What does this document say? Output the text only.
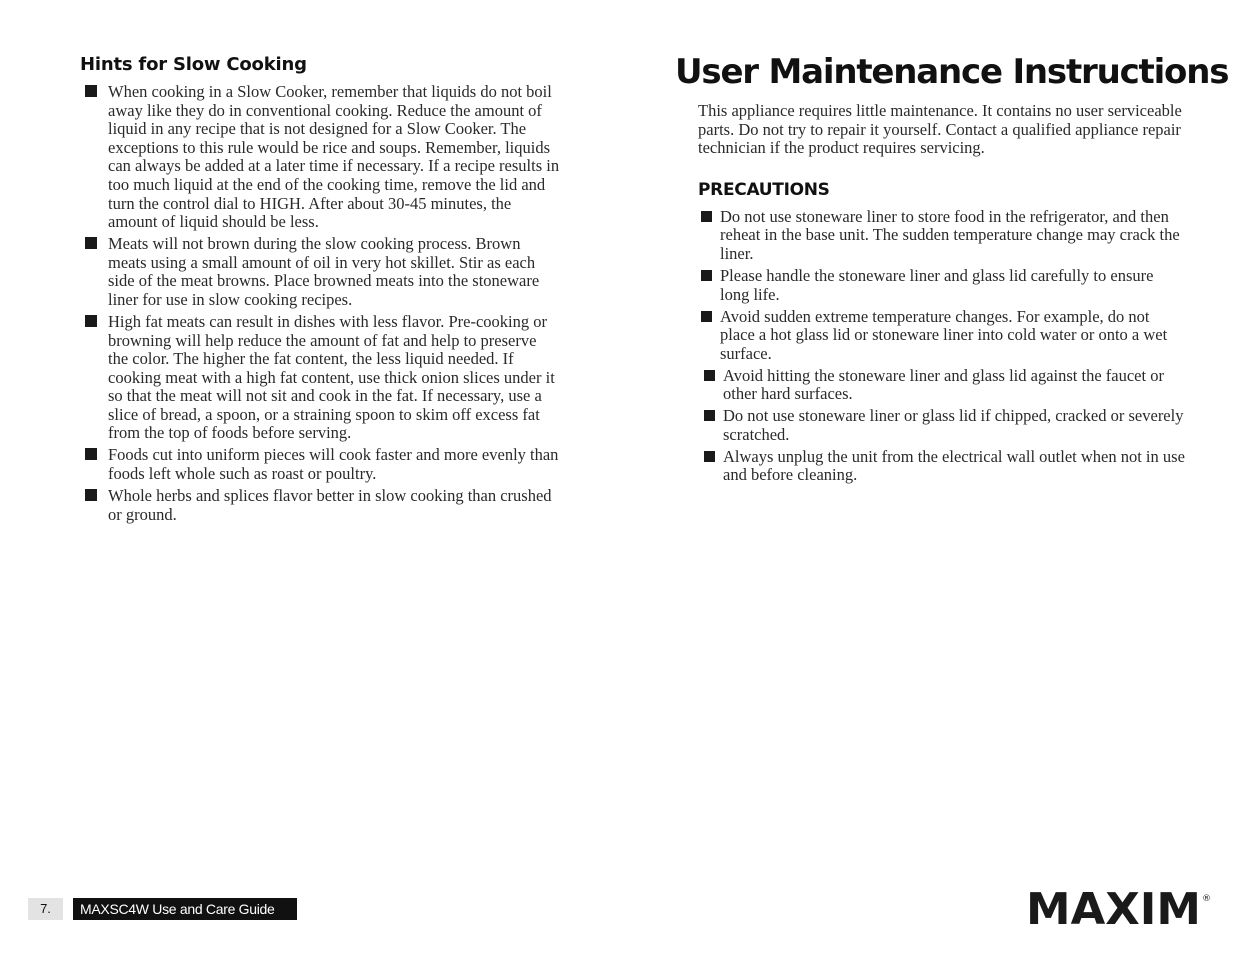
Hints for Slow Cooking
When cooking in a Slow Cooker, remember that liquids do not boil away like they do in conventional cooking. Reduce the amount of liquid in any recipe that is not designed for a Slow Cooker. The exceptions to this rule would be rice and soups. Remember, liquids can always be added at a later time if necessary. If a recipe results in too much liquid at the end of the cooking time, remove the lid and turn the control dial to HIGH. After about 30-45 minutes, the amount of liquid should be less.
Meats will not brown during the slow cooking process. Brown meats using a small amount of oil in very hot skillet. Stir as each side of the meat browns. Place browned meats into the stoneware liner for use in slow cooking recipes.
High fat meats can result in dishes with less flavor. Pre-cooking or browning will help reduce the amount of fat and help to preserve the color. The higher the fat content, the less liquid needed. If cooking meat with a high fat content, use thick onion slices under it so that the meat will not sit and cook in the fat. If necessary, use a slice of bread, a spoon, or a straining spoon to skim off excess fat from the top of foods before serving.
Foods cut into uniform pieces will cook faster and more evenly than foods left whole such as roast or poultry.
Whole herbs and splices flavor better in slow cooking than crushed or ground.
User Maintenance Instructions

This appliance requires little maintenance. It contains no user serviceable parts. Do not try to repair it yourself. Contact a qualified appliance repair technician if the product requires servicing.

PRECAUTIONS
Do not use stoneware liner to store food in the refrigerator, and then reheat in the base unit. The sudden temperature change may crack the liner.
Please handle the stoneware liner and glass lid carefully to ensure long life.
Avoid sudden extreme temperature changes. For example, do not place a hot glass lid or stoneware liner into cold water or onto a wet surface.
Avoid hitting the stoneware liner and glass lid against the faucet or other hard surfaces.
Do not use stoneware liner or glass lid if chipped, cracked or severely scratched.
Always unplug the unit from the electrical wall outlet when not in use and before cleaning.
7.	MAXSC4W Use and Care Guide	MAXIM ®
